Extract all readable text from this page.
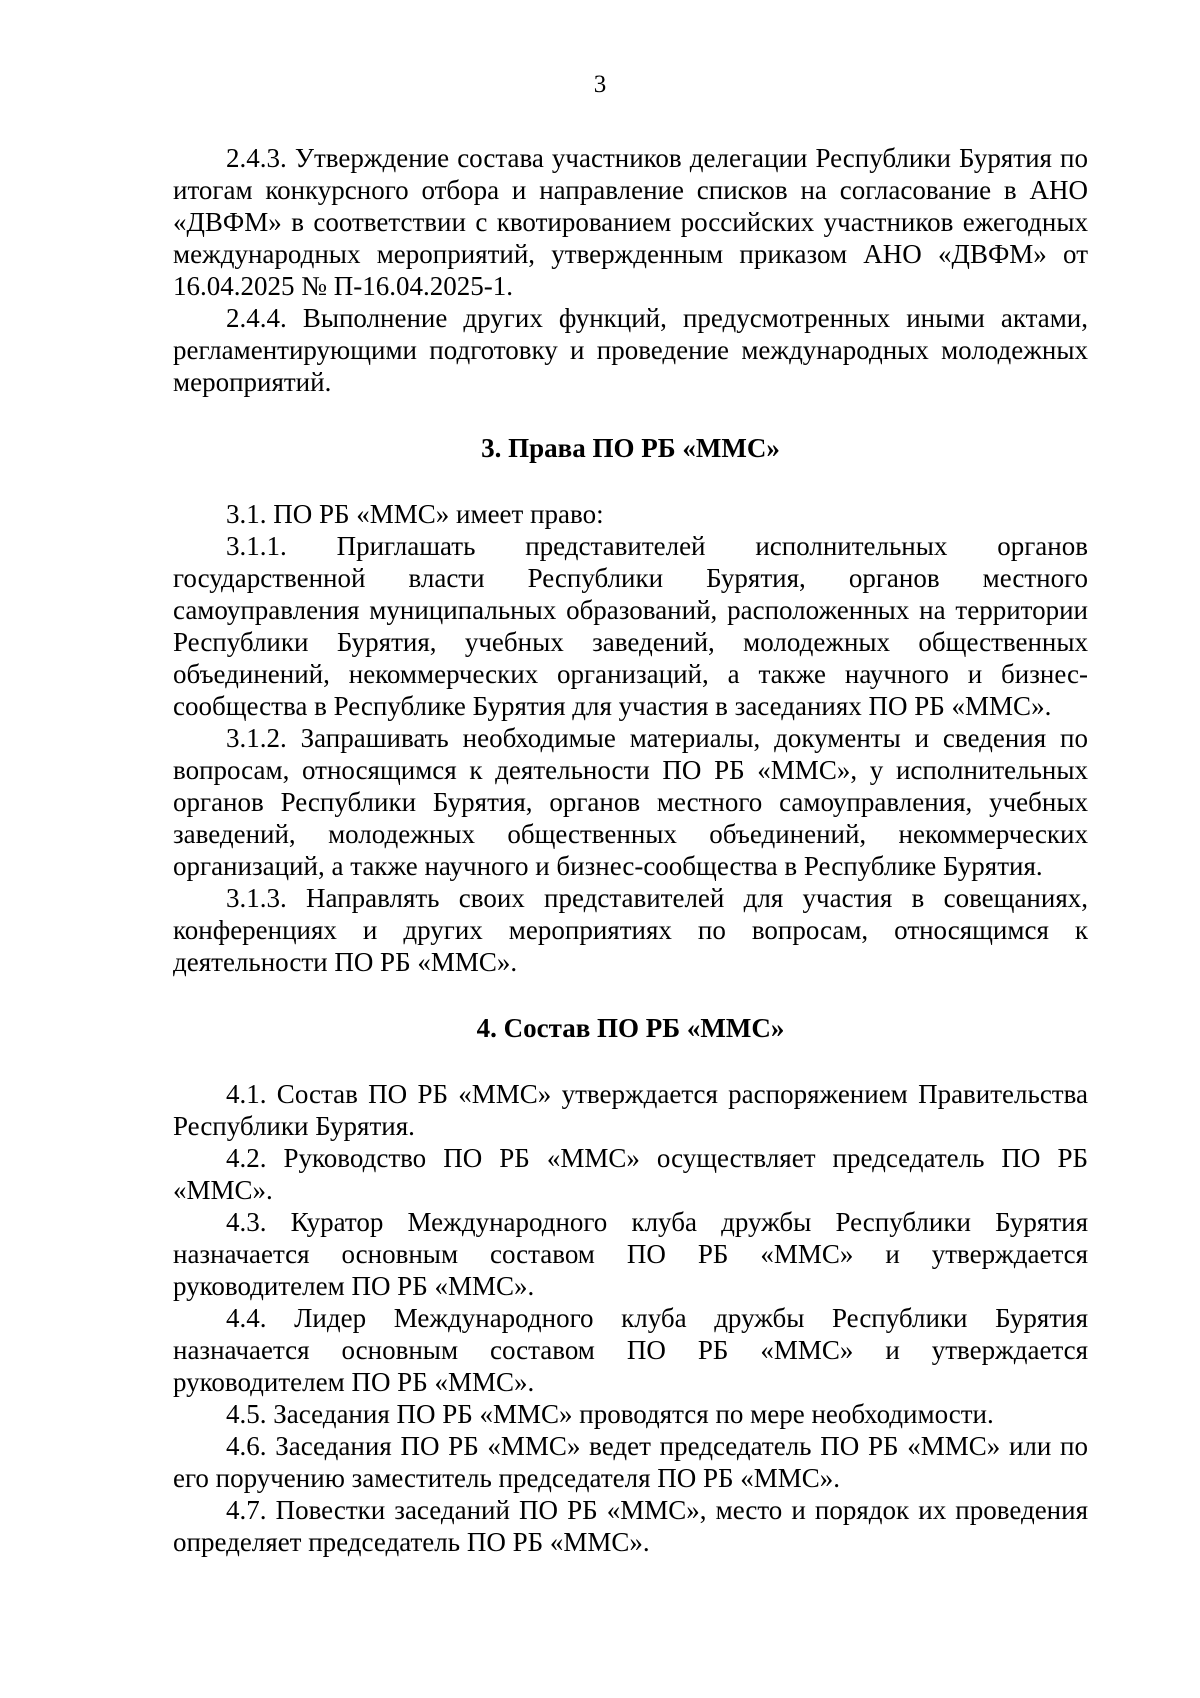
3

2.4.3. Утверждение состава участников делегации Республики Бурятия по итогам конкурсного отбора и направление списков на согласование в АНО «ДВФМ» в соответствии с квотированием российских участников ежегодных международных мероприятий, утвержденным приказом АНО «ДВФМ» от 16.04.2025 № П-16.04.2025-1.

2.4.4. Выполнение других функций, предусмотренных иными актами, регламентирующими подготовку и проведение международных молодежных мероприятий.

3. Права ПО РБ «ММС»

3.1. ПО РБ «ММС» имеет право:

3.1.1. Приглашать представителей исполнительных органов государственной власти Республики Бурятия, органов местного самоуправления муниципальных образований, расположенных на территории Республики Бурятия, учебных заведений, молодежных общественных объединений, некоммерческих организаций, а также научного и бизнес-сообщества в Республике Бурятия для участия в заседаниях ПО РБ «ММС».

3.1.2. Запрашивать необходимые материалы, документы и сведения по вопросам, относящимся к деятельности ПО РБ «ММС», у исполнительных органов Республики Бурятия, органов местного самоуправления, учебных заведений, молодежных общественных объединений, некоммерческих организаций, а также научного и бизнес-сообщества в Республике Бурятия.

3.1.3. Направлять своих представителей для участия в совещаниях, конференциях и других мероприятиях по вопросам, относящимся к деятельности ПО РБ «ММС».

4. Состав ПО РБ «ММС»

4.1. Состав ПО РБ «ММС» утверждается распоряжением Правительства Республики Бурятия.

4.2. Руководство ПО РБ «ММС» осуществляет председатель ПО РБ «ММС».

4.3. Куратор Международного клуба дружбы Республики Бурятия назначается основным составом ПО РБ «ММС» и утверждается руководителем ПО РБ «ММС».

4.4. Лидер Международного клуба дружбы Республики Бурятия назначается основным составом ПО РБ «ММС» и утверждается руководителем ПО РБ «ММС».

4.5. Заседания ПО РБ «ММС» проводятся по мере необходимости.

4.6. Заседания ПО РБ «ММС» ведет председатель ПО РБ «ММС» или по его поручению заместитель председателя ПО РБ «ММС».

4.7. Повестки заседаний ПО РБ «ММС», место и порядок их проведения определяет председатель ПО РБ «ММС».
